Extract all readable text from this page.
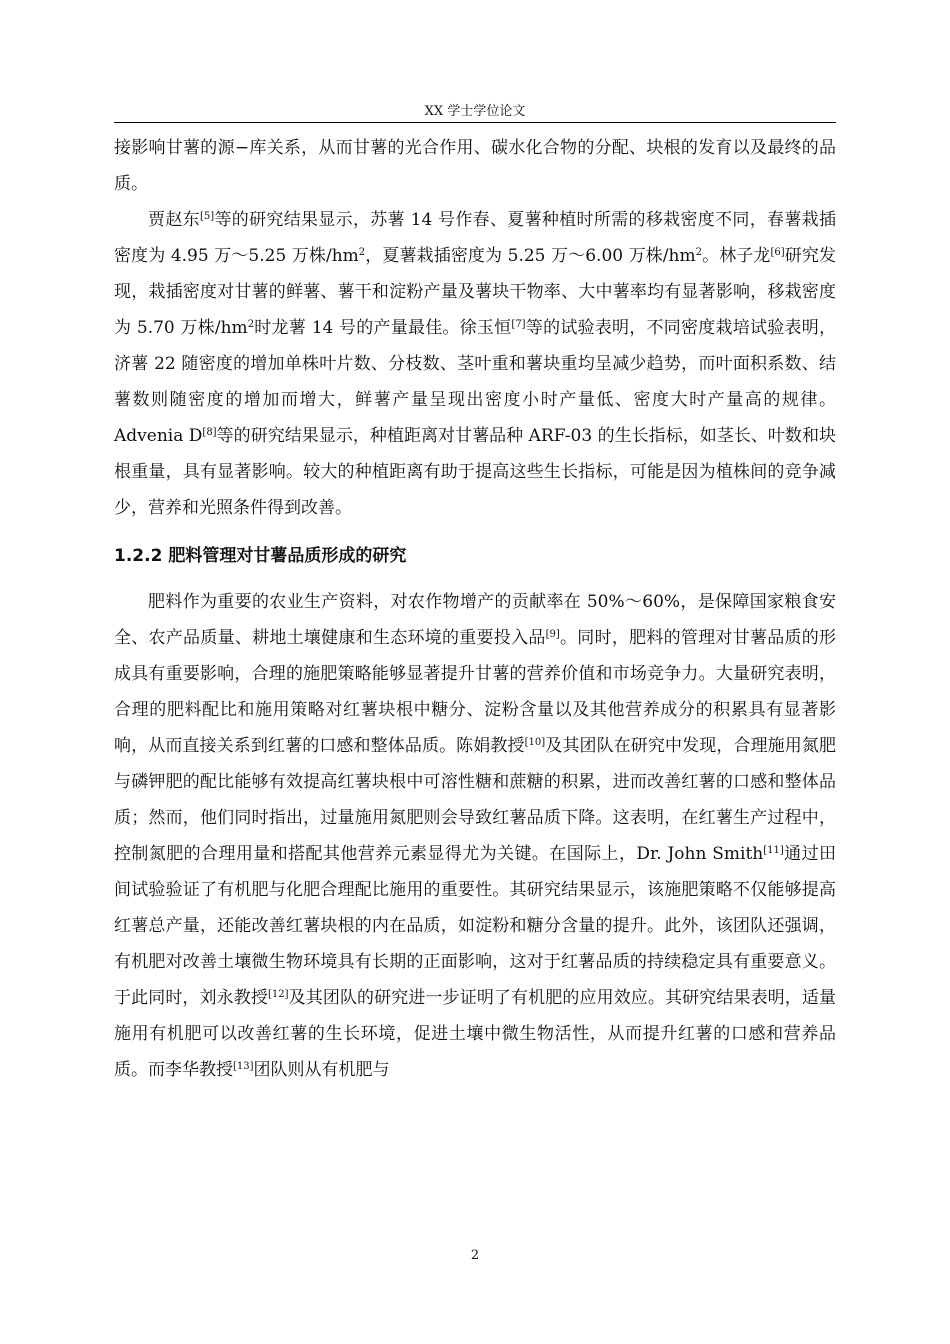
XX 学士学位论文

接影响甘薯的源−库关系，从而甘薯的光合作用、碳水化合物的分配、块根的发育以及最终的品质。

贾赵东[5]等的研究结果显示，苏薯 14 号作春、夏薯种植时所需的移栽密度不同，春薯栽插密度为 4.95 万～5.25 万株$/hm^2$，夏薯栽插密度为 5.25 万～6.00 万株$/hm^2$。林子龙[6]研究发现，栽插密度对甘薯的鲜薯、薯干和淀粉产量及薯块干物率、大中薯率均有显著影响，移栽密度为 5.70 万株$/hm^2$时龙薯 14 号的产量最佳。徐玉恒[7]等的试验表明，不同密度栽培试验表明，济薯 22 随密度的增加单株叶片数、分枝数、茎叶重和薯块重均呈减少趋势，而叶面积系数、结薯数则随密度的增加而增大，鲜薯产量呈现出密度小时产量低、密度大时产量高的规律。Advenia D[8]等的研究结果显示，种植距离对甘薯品种 ARF-03 的生长指标，如茎长、叶数和块根重量，具有显著影响。较大的种植距离有助于提高这些生长指标，可能是因为植株间的竞争减少，营养和光照条件得到改善。

1.2.2 肥料管理对甘薯品质形成的研究

肥料作为重要的农业生产资料，对农作物增产的贡献率在 50%～60%，是保障国家粮食安全、农产品质量、耕地土壤健康和生态环境的重要投入品[9]。同时，肥料的管理对甘薯品质的形成具有重要影响，合理的施肥策略能够显著提升甘薯的营养价值和市场竞争力。大量研究表明，合理的肥料配比和施用策略对红薯块根中糖分、淀粉含量以及其他营养成分的积累具有显著影响，从而直接关系到红薯的口感和整体品质。陈娟教授[10]及其团队在研究中发现，合理施用氮肥与磷钾肥的配比能够有效提高红薯块根中可溶性糖和蔗糖的积累，进而改善红薯的口感和整体品质；然而，他们同时指出，过量施用氮肥则会导致红薯品质下降。这表明，在红薯生产过程中，控制氮肥的合理用量和搭配其他营养元素显得尤为关键。在国际上，Dr. John Smith[11]通过田间试验验证了有机肥与化肥合理配比施用的重要性。其研究结果显示，该施肥策略不仅能够提高红薯总产量，还能改善红薯块根的内在品质，如淀粉和糖分含量的提升。此外，该团队还强调，有机肥对改善土壤微生物环境具有长期的正面影响，这对于红薯品质的持续稳定具有重要意义。于此同时，刘永教授[12]及其团队的研究进一步证明了有机肥的应用效应。其研究结果表明，适量施用有机肥可以改善红薯的生长环境，促进土壤中微生物活性，从而提升红薯的口感和营养品质。而李华教授[13]团队则从有机肥与

2
